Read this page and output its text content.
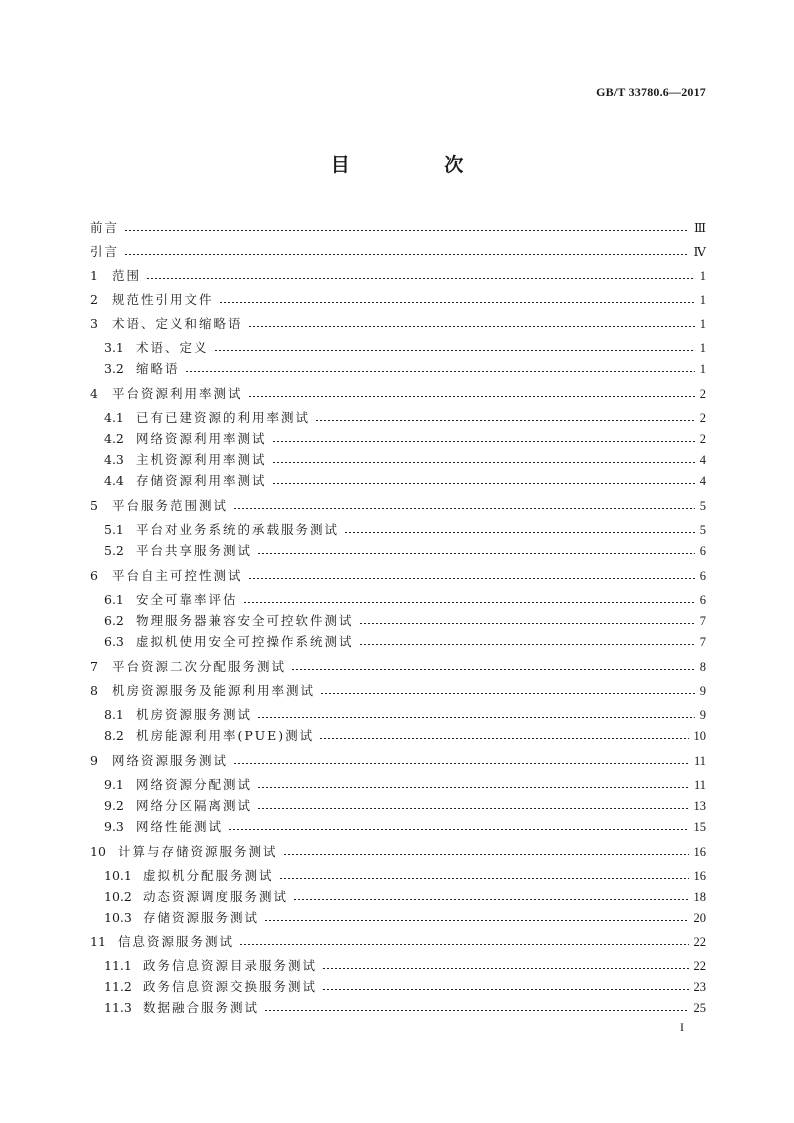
GB/T 33780.6—2017
目 次
前言	Ⅲ
引言	Ⅳ
1 范围	1
2 规范性引用文件	1
3 术语、定义和缩略语	1
3.1 术语、定义	1
3.2 缩略语	1
4 平台资源利用率测试	2
4.1 已有已建资源的利用率测试	2
4.2 网络资源利用率测试	2
4.3 主机资源利用率测试	4
4.4 存储资源利用率测试	4
5 平台服务范围测试	5
5.1 平台对业务系统的承载服务测试	5
5.2 平台共享服务测试	6
6 平台自主可控性测试	6
6.1 安全可靠率评估	6
6.2 物理服务器兼容安全可控软件测试	7
6.3 虚拟机使用安全可控操作系统测试	7
7 平台资源二次分配服务测试	8
8 机房资源服务及能源利用率测试	9
8.1 机房资源服务测试	9
8.2 机房能源利用率(PUE)测试	10
9 网络资源服务测试	11
9.1 网络资源分配测试	11
9.2 网络分区隔离测试	13
9.3 网络性能测试	15
10 计算与存储资源服务测试	16
10.1 虚拟机分配服务测试	16
10.2 动态资源调度服务测试	18
10.3 存储资源服务测试	20
11 信息资源服务测试	22
11.1 政务信息资源目录服务测试	22
11.2 政务信息资源交换服务测试	23
11.3 数据融合服务测试	25
I
